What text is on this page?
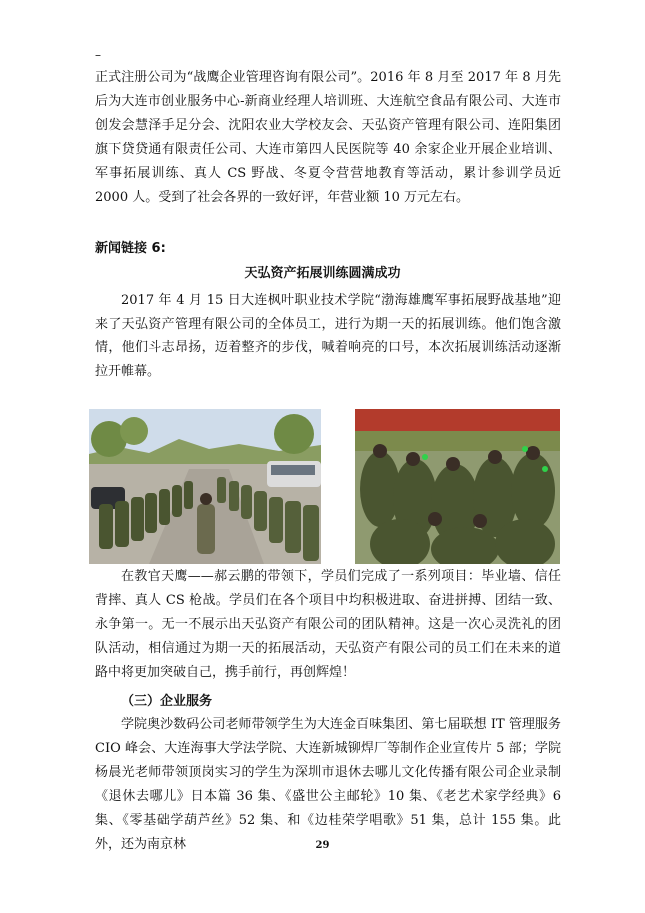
–

正式注册公司为“战鹰企业管理咨询有限公司”。2016 年 8 月至 2017 年 8 月先后为大连市创业服务中心-新商业经理人培训班、大连航空食品有限公司、大连市创发会慧泽手足分会、沈阳农业大学校友会、天弘资产管理有限公司、连阳集团旗下贷贷通有限责任公司、大连市第四人民医院等 40 余家企业开展企业培训、军事拓展训练、真人 CS 野战、冬夏令营营地教育等活动，累计参训学员近 2000 人。受到了社会各界的一致好评，年营业额 10 万元左右。

新闻链接 6:
天弘资产拓展训练圆满成功

2017 年 4 月 15 日大连枫叶职业技术学院“渤海雄鹰军事拓展野战基地”迎来了天弘资产管理有限公司的全体员工，进行为期一天的拓展训练。他们饱含激情，他们斗志昂扬，迈着整齐的步伐，喊着响亮的口号，本次拓展训练活动逐渐拉开帷幕。

在教官天鹰——郝云鹏的带领下，学员们完成了一系列项目：毕业墙、信任背摔、真人 CS 枪战。学员们在各个项目中均积极进取、奋进拼搏、团结一致、永争第一。无一不展示出天弘资产有限公司的团队精神。这是一次心灵洗礼的团队活动，相信通过为期一天的拓展活动，天弘资产有限公司的员工们在未来的道路中将更加突破自己，携手前行，再创辉煌！

（三）企业服务

学院奥沙数码公司老师带领学生为大连金百味集团、第七届联想 IT 管理服务CIO 峰会、大连海事大学法学院、大连新城铆焊厂等制作企业宣传片 5 部；学院杨晨光老师带领顶岗实习的学生为深圳市退休去哪儿文化传播有限公司企业录制《退休去哪儿》日本篇 36 集、《盛世公主邮轮》10 集、《老艺术家学经典》6 集、《零基础学葫芦丝》52 集、和《边桂荣学唱歌》51 集，总计 155 集。此外，还为南京林	29
